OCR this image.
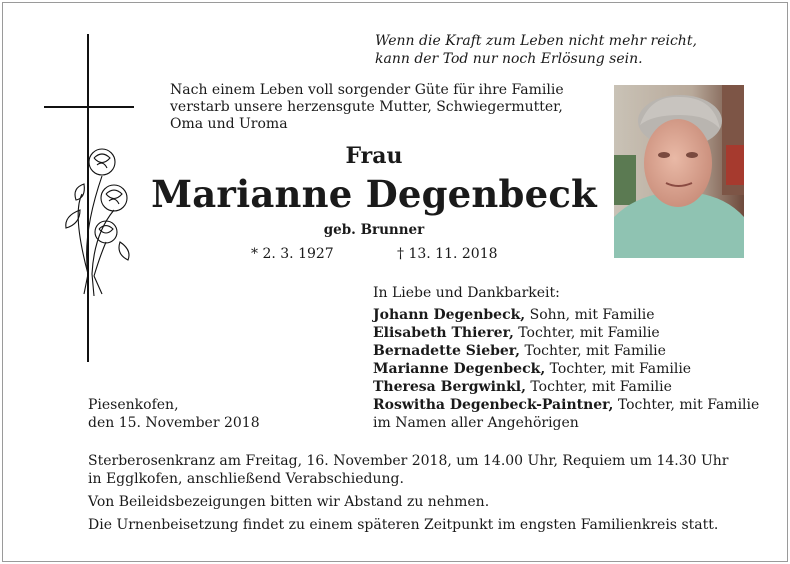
Wenn die Kraft zum Leben nicht mehr reicht,
kann der Tod nur noch Erlösung sein.
Nach einem Leben voll sorgender Güte für ihre Familie
verstarb unsere herzensgute Mutter, Schwiegermutter,
Oma und Uroma
Frau
Marianne Degenbeck
geb. Brunner
* 2. 3. 1927	† 13. 11. 2018
In Liebe und Dankbarkeit:
Johann Degenbeck, Sohn, mit Familie
Elisabeth Thierer, Tochter, mit Familie
Bernadette Sieber, Tochter, mit Familie
Marianne Degenbeck, Tochter, mit Familie
Theresa Bergwinkl, Tochter, mit Familie
Roswitha Degenbeck-Paintner, Tochter, mit Familie
im Namen aller Angehörigen
Piesenkofen,
den 15. November 2018

Sterberosenkranz am Freitag, 16. November 2018, um 14.00 Uhr, Requiem um 14.30 Uhr
in Egglkofen, anschließend Verabschiedung.

Von Beileidsbezeigungen bitten wir Abstand zu nehmen.

Die Urnenbeisetzung findet zu einem späteren Zeitpunkt im engsten Familienkreis statt.
